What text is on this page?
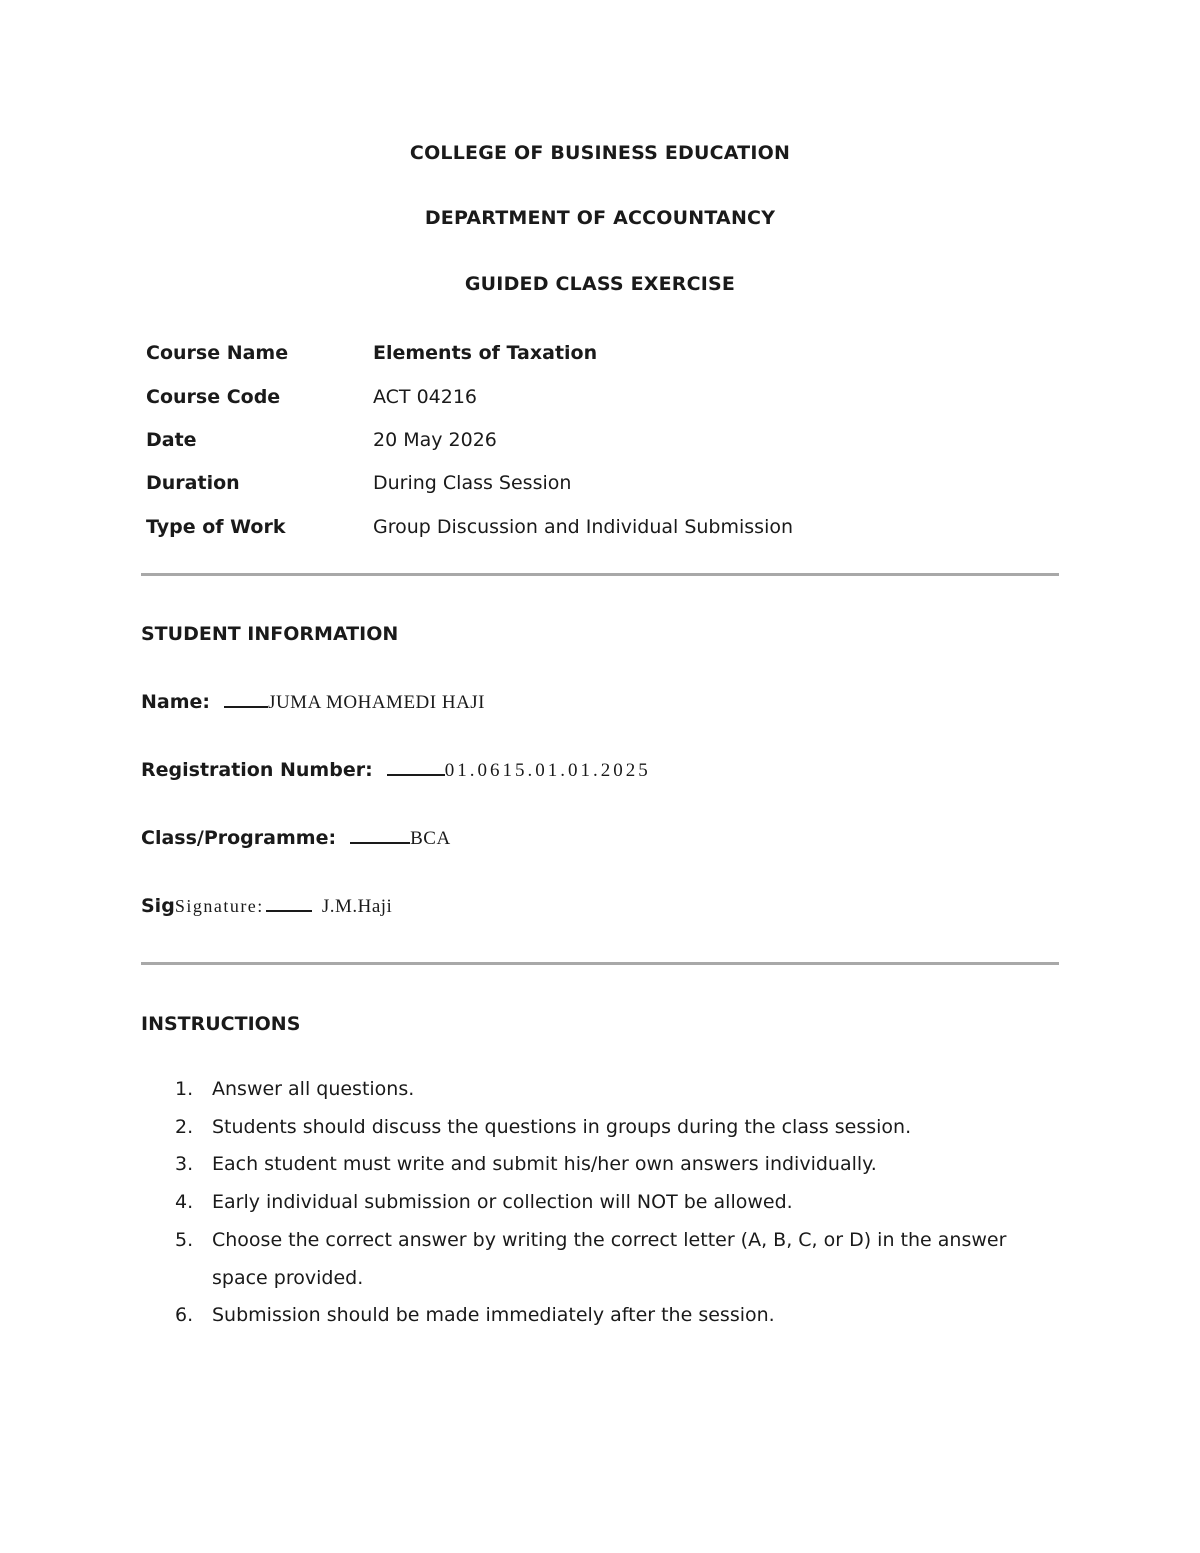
COLLEGE OF BUSINESS EDUCATION
DEPARTMENT OF ACCOUNTANCY
GUIDED CLASS EXERCISE
Course Name	Elements of Taxation
Course Code	ACT 04216
Date	20 May 2026
Duration	During Class Session
Type of Work	Group Discussion and Individual Submission
STUDENT INFORMATION
Name:	JUMA MOHAMEDI HAJI
Registration Number:	01.0615.01.01.2025
Class/Programme:	BCA
SigSignature:	J.M.Haji
INSTRUCTIONS
1. Answer all questions.
2. Students should discuss the questions in groups during the class session.
3. Each student must write and submit his/her own answers individually.
4. Early individual submission or collection will NOT be allowed.
5. Choose the correct answer by writing the correct letter (A, B, C, or D) in the answer space provided.
6. Submission should be made immediately after the session.
